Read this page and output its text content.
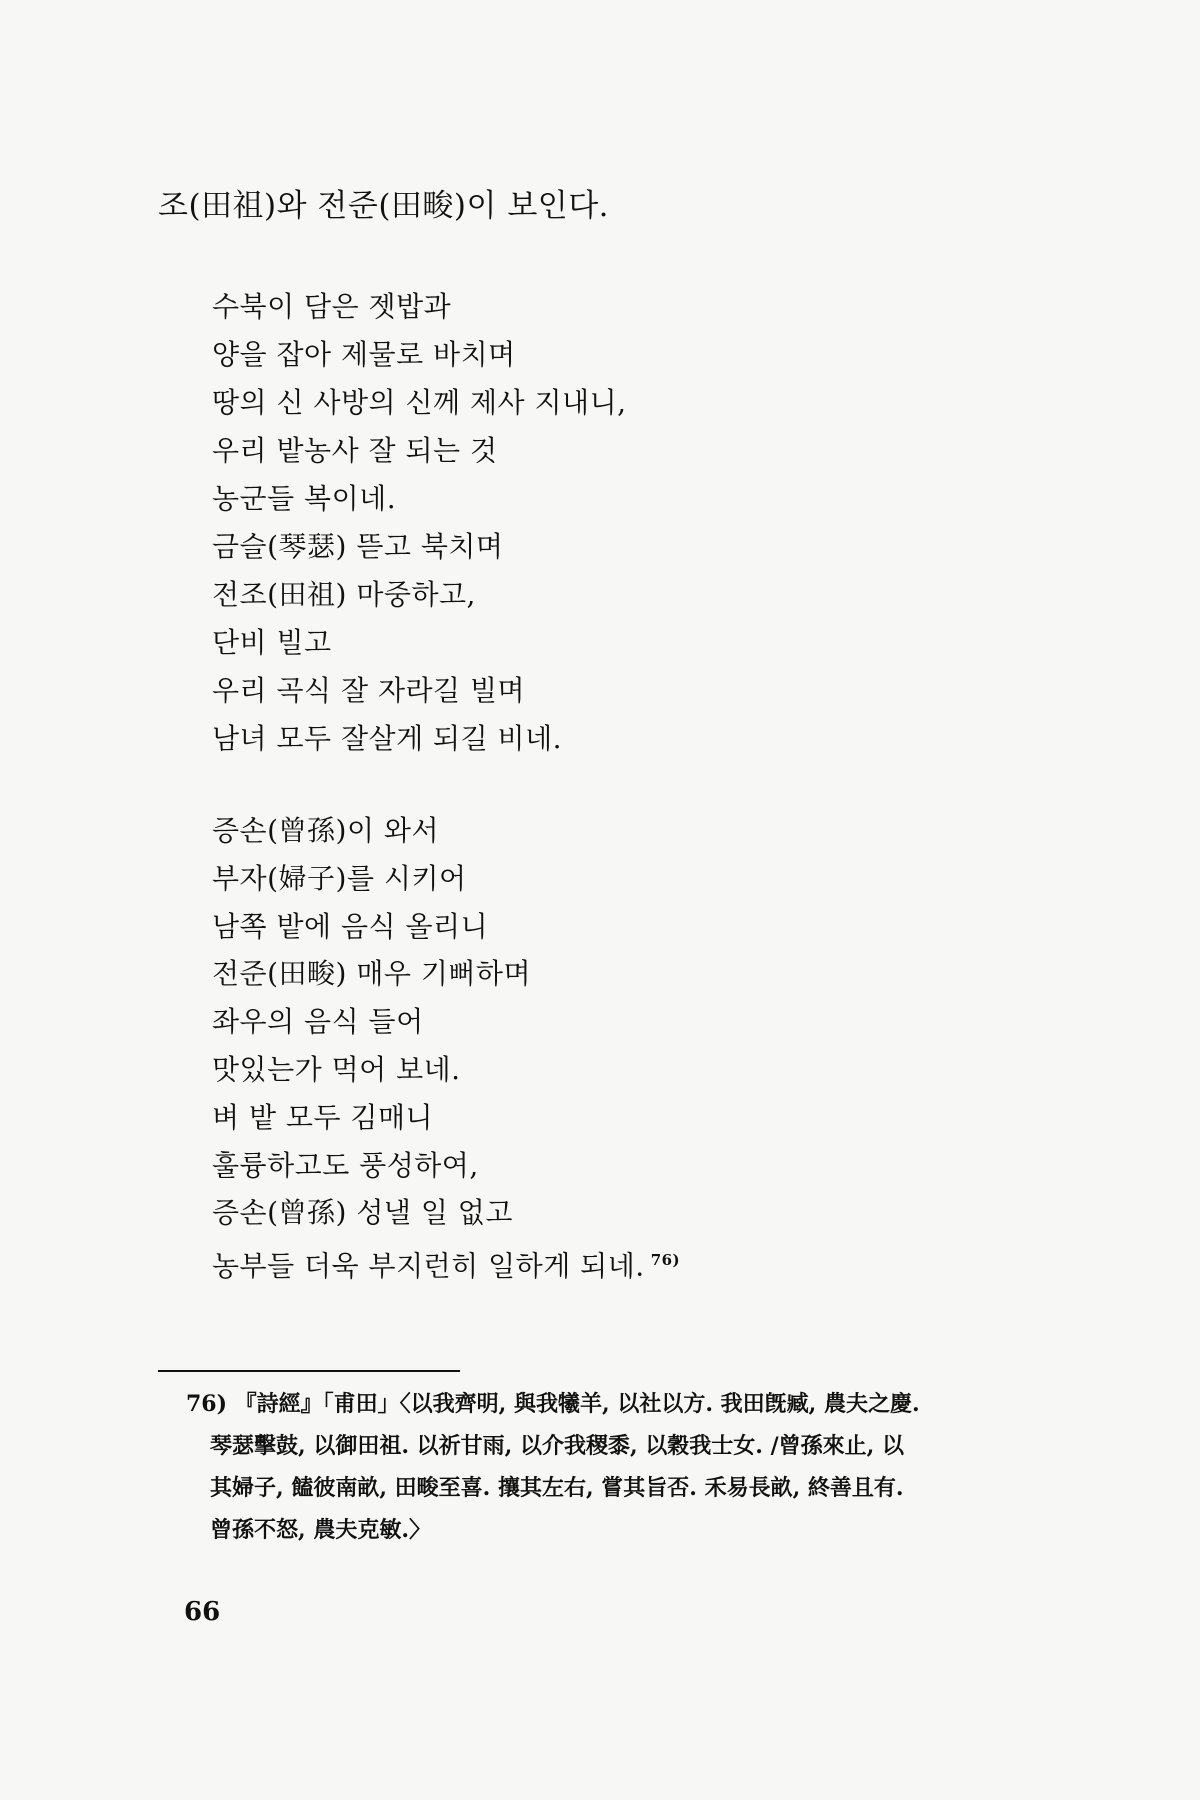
조(田祖)와 전준(田畯)이 보인다.
수북이 담은 젯밥과
양을 잡아 제물로 바치며
땅의 신 사방의 신께 제사 지내니,
우리 밭농사 잘 되는 것
농군들 복이네.
금슬(琴瑟) 뜯고 북치며
전조(田祖) 마중하고,
단비 빌고
우리 곡식 잘 자라길 빌며
남녀 모두 잘살게 되길 비네.
증손(曾孫)이 와서
부자(婦子)를 시키어
남쪽 밭에 음식 올리니
전준(田畯) 매우 기뻐하며
좌우의 음식 들어
맛있는가 먹어 보네.
벼 밭 모두 김매니
훌륭하고도 풍성하여,
증손(曾孫) 성낼 일 없고
농부들 더욱 부지런히 일하게 되네. $^{76)}$
76) 『詩經』「甫田」〈以我齊明, 與我犧羊, 以社以方. 我田旣臧, 農夫之慶.
琴瑟擊鼓, 以御田祖. 以祈甘雨, 以介我稷黍, 以穀我士女. /曾孫來止, 以
其婦子, 饁彼南畝, 田畯至喜. 攘其左右, 嘗其旨否. 禾易長畝, 終善且有.
曾孫不怒, 農夫克敏.〉
66
